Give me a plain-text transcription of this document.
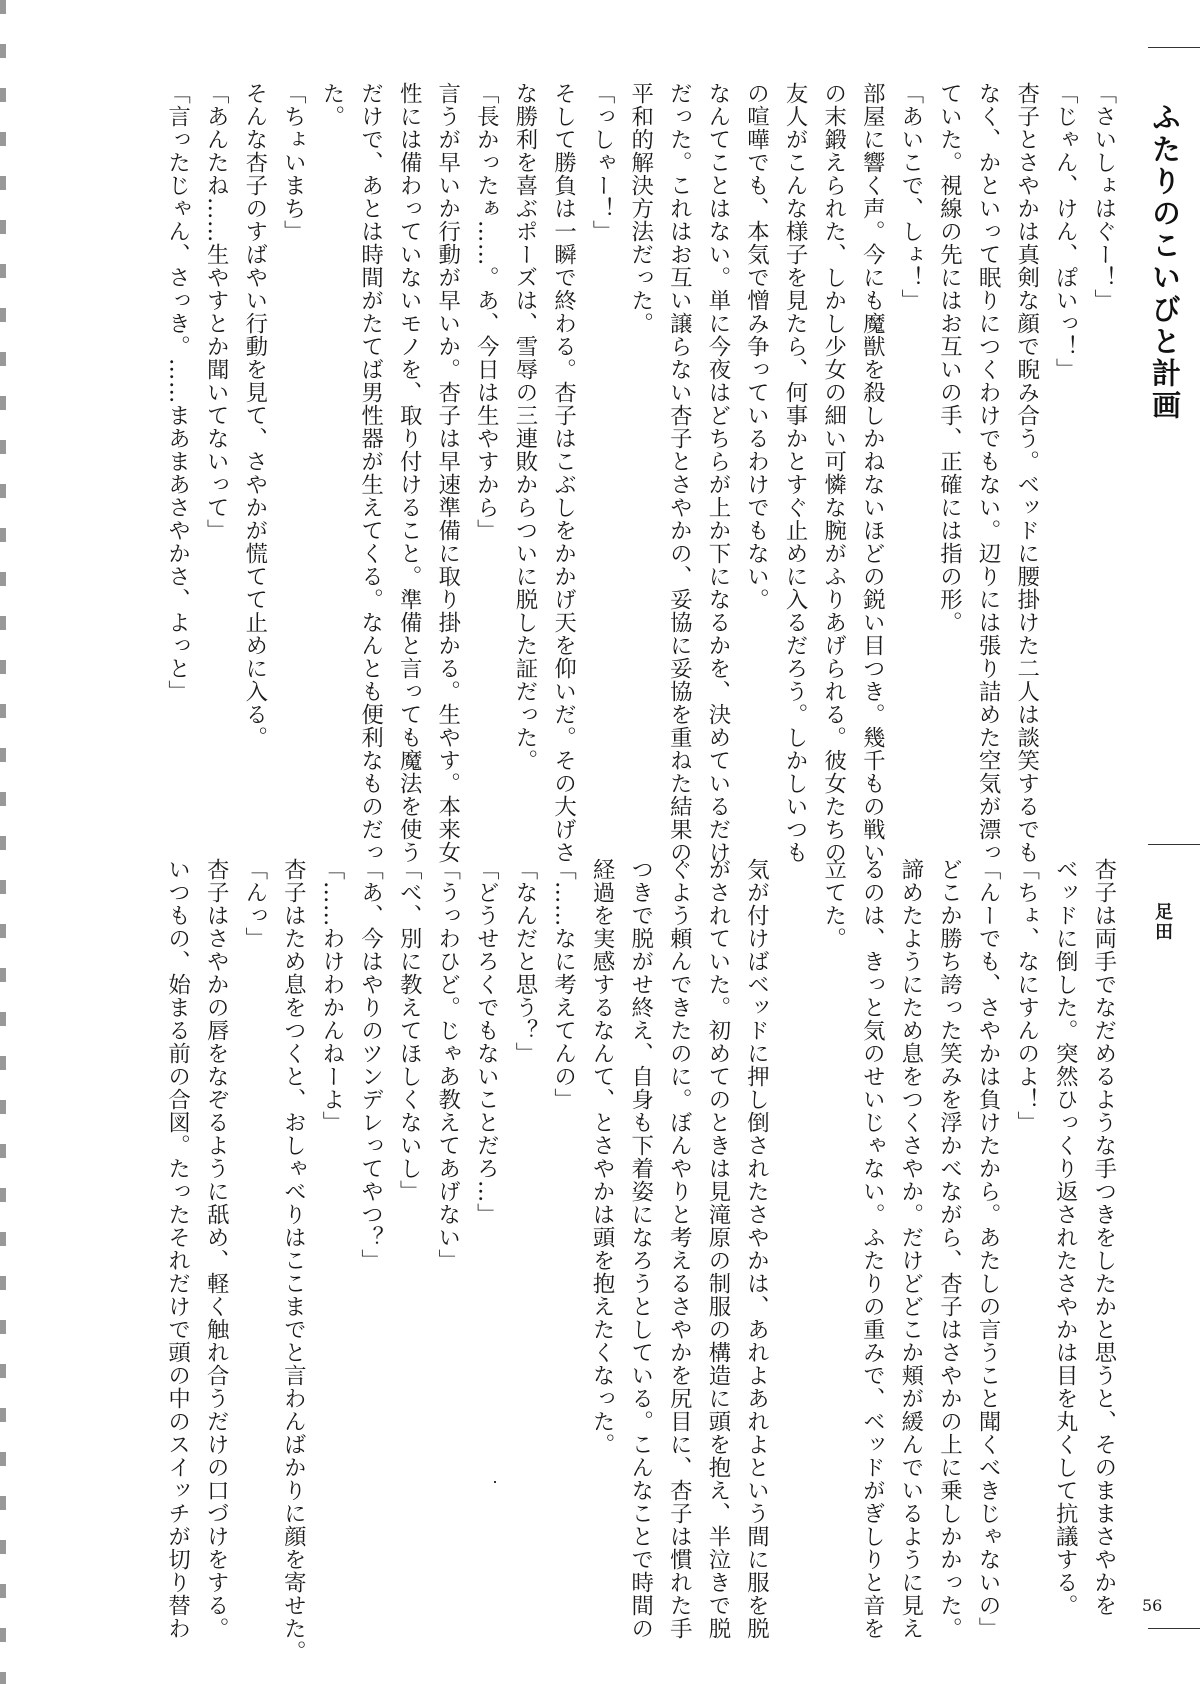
ふたりのこいびと計画
足田
56
「さいしょはぐー！」
「じゃん、けん、ぽいっ！」
杏子とさやかは真剣な顔で睨み合う。ベッドに腰掛けた二人は談笑するでも
なく、かといって眠りにつくわけでもない。辺りには張り詰めた空気が漂っ
ていた。視線の先にはお互いの手、正確には指の形。
「あいこで、しょ！」
部屋に響く声。今にも魔獣を殺しかねないほどの鋭い目つき。幾千もの戦い
の末鍛えられた、しかし少女の細い可憐な腕がふりあげられる。彼女たちの
友人がこんな様子を見たら、何事かとすぐ止めに入るだろう。しかしいつも
の喧嘩でも、本気で憎み争っているわけでもない。
なんてことはない。単に今夜はどちらが上か下になるかを、決めているだけ
だった。これはお互い譲らない杏子とさやかの、妥協に妥協を重ねた結果の
平和的解決方法だった。
「っしゃー！」
そして勝負は一瞬で終わる。杏子はこぶしをかかげ天を仰いだ。その大げさ
な勝利を喜ぶポーズは、雪辱の三連敗からついに脱した証だった。
「長かったぁ……。あ、今日は生やすから」
言うが早いか行動が早いか。杏子は早速準備に取り掛かる。生やす。本来女
性には備わっていないモノを、取り付けること。準備と言っても魔法を使う
だけで、あとは時間がたてば男性器が生えてくる。なんとも便利なものだっ
た。
「ちょいまち」
そんな杏子のすばやい行動を見て、さやかが慌てて止めに入る。
「あんたね……生やすとか聞いてないって」
「言ったじゃん、さっき。……まあまあさやかさ、よっと」
杏子は両手でなだめるような手つきをしたかと思うと、そのままさやかを
ベッドに倒した。突然ひっくり返されたさやかは目を丸くして抗議する。
「ちょ、なにすんのよ！」
「んーでも、さやかは負けたから。あたしの言うこと聞くべきじゃないの」
どこか勝ち誇った笑みを浮かべながら、杏子はさやかの上に乗しかかった。
諦めたようにため息をつくさやか。だけどどこか頬が緩んでいるように見え
るのは、きっと気のせいじゃない。ふたりの重みで、ベッドがぎしりと音を
立てた。

気が付けばベッドに押し倒されたさやかは、あれよあれよという間に服を脱
がされていた。初めてのときは見滝原の制服の構造に頭を抱え、半泣きで脱
ぐよう頼んできたのに。ぼんやりと考えるさやかを尻目に、杏子は慣れた手
つきで脱がせ終え、自身も下着姿になろうとしている。こんなことで時間の
経過を実感するなんて、とさやかは頭を抱えたくなった。
「……なに考えてんの」
「なんだと思う？」
「どうせろくでもないことだろ…」
「うっわひど。じゃあ教えてあげない」
「べ、別に教えてほしくないし」
「あ、今はやりのツンデレってやつ？」
「……わけわかんねーよ」
杏子はため息をつくと、おしゃべりはここまでと言わんばかりに顔を寄せた。
「んっ」
杏子はさやかの唇をなぞるように舐め、軽く触れ合うだけの口づけをする。
いつもの、始まる前の合図。たったそれだけで頭の中のスイッチが切り替わ
